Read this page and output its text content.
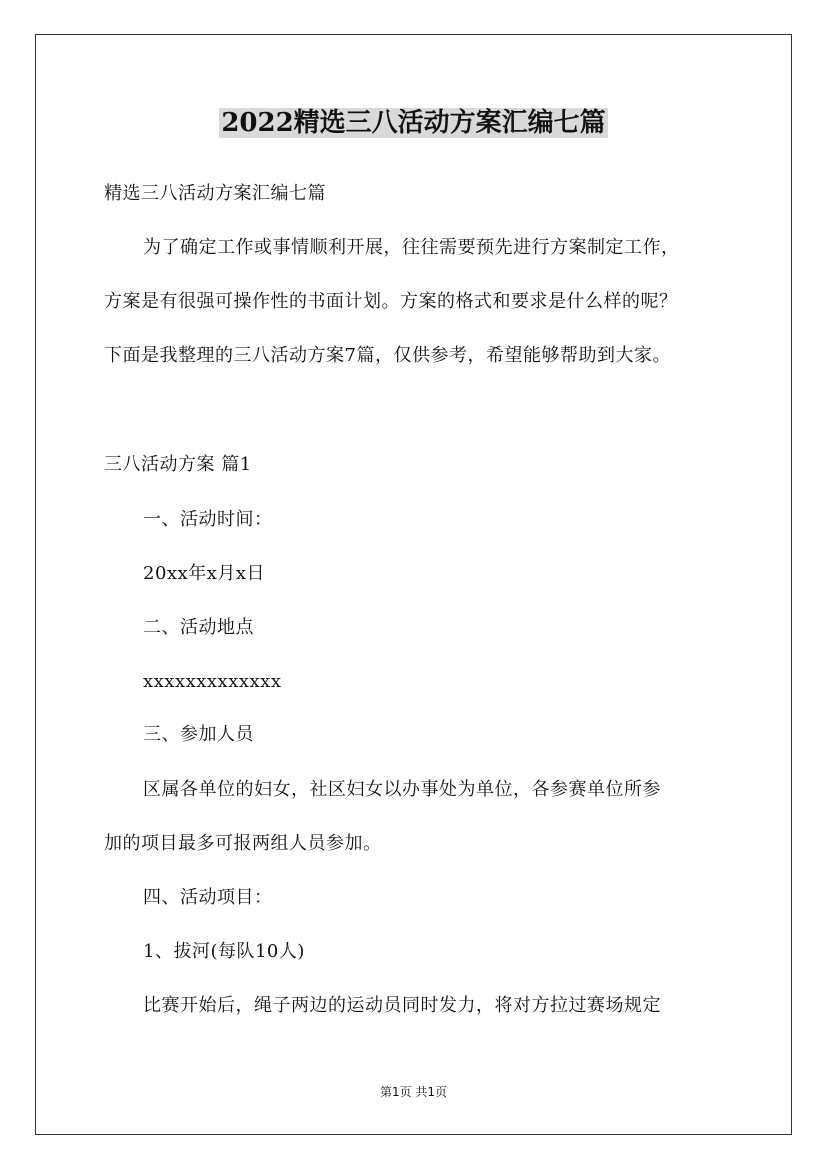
2022精选三八活动方案汇编七篇
精选三八活动方案汇编七篇
为了确定工作或事情顺利开展，往往需要预先进行方案制定工作，
方案是有很强可操作性的书面计划。方案的格式和要求是什么样的呢？
下面是我整理的三八活动方案7篇，仅供参考，希望能够帮助到大家。
三八活动方案 篇1
一、活动时间：
20xx年x月x日
二、活动地点
xxxxxxxxxxxxx
三、参加人员
区属各单位的妇女，社区妇女以办事处为单位，各参赛单位所参
加的项目最多可报两组人员参加。
四、活动项目：
1、拔河(每队10人)
比赛开始后，绳子两边的运动员同时发力，将对方拉过赛场规定
第1页 共1页
